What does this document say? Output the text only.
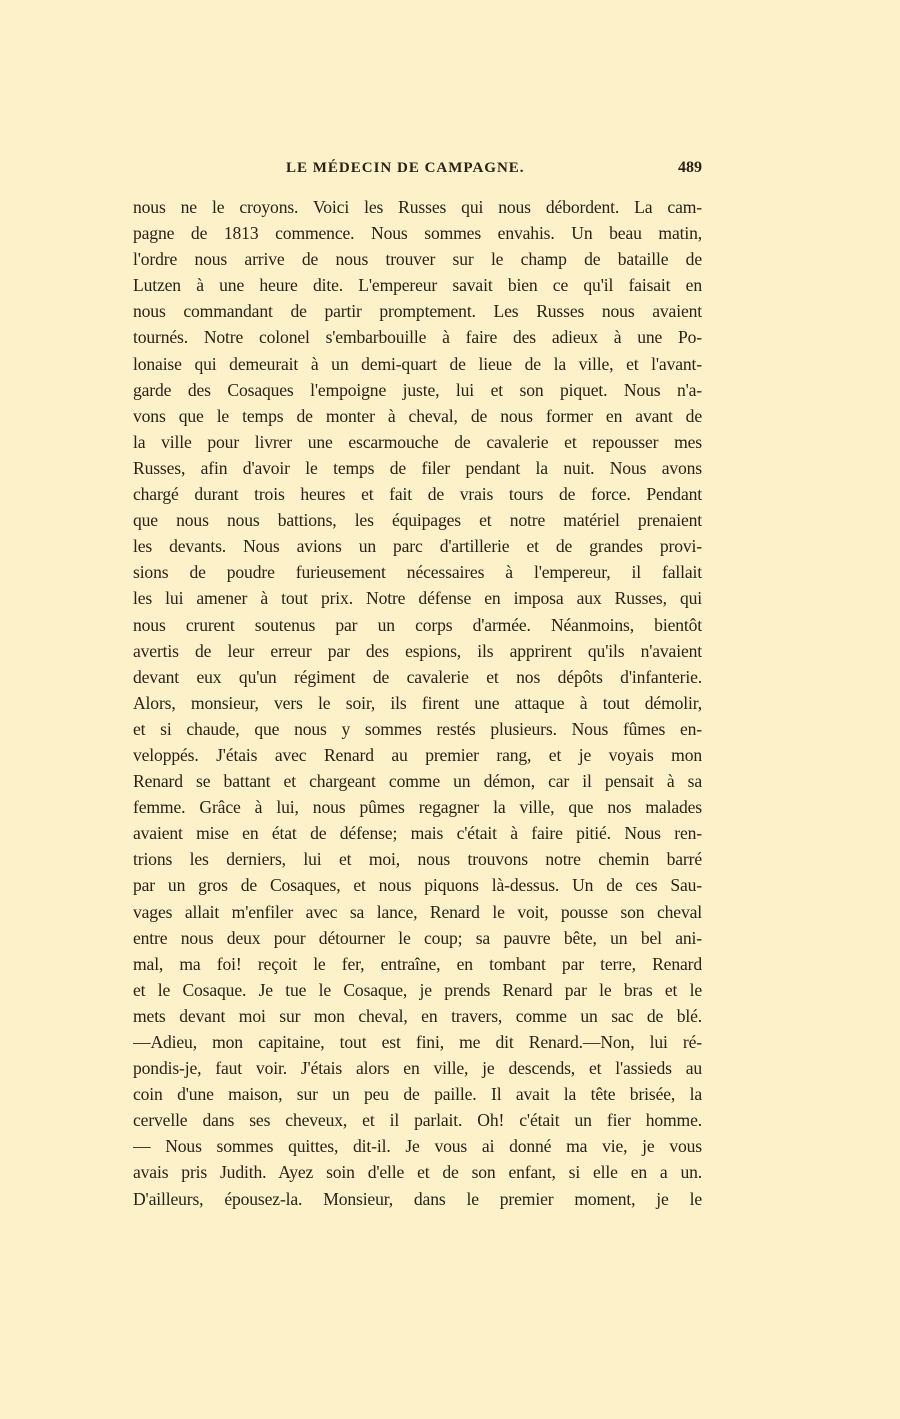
LE MÉDECIN DE CAMPAGNE.	489
nous ne le croyons. Voici les Russes qui nous débordent. La cam-
pagne de 1813 commence. Nous sommes envahis. Un beau matin,
l'ordre nous arrive de nous trouver sur le champ de bataille de
Lutzen à une heure dite. L'empereur savait bien ce qu'il faisait en
nous commandant de partir promptement. Les Russes nous avaient
tournés. Notre colonel s'embarbouille à faire des adieux à une Po-
lonaise qui demeurait à un demi-quart de lieue de la ville, et l'avant-
garde des Cosaques l'empoigne juste, lui et son piquet. Nous n'a-
vons que le temps de monter à cheval, de nous former en avant de
la ville pour livrer une escarmouche de cavalerie et repousser mes
Russes, afin d'avoir le temps de filer pendant la nuit. Nous avons
chargé durant trois heures et fait de vrais tours de force. Pendant
que nous nous battions, les équipages et notre matériel prenaient
les devants. Nous avions un parc d'artillerie et de grandes provi-
sions de poudre furieusement nécessaires à l'empereur, il fallait
les lui amener à tout prix. Notre défense en imposa aux Russes, qui
nous crurent soutenus par un corps d'armée. Néanmoins, bientôt
avertis de leur erreur par des espions, ils apprirent qu'ils n'avaient
devant eux qu'un régiment de cavalerie et nos dépôts d'infanterie.
Alors, monsieur, vers le soir, ils firent une attaque à tout démolir,
et si chaude, que nous y sommes restés plusieurs. Nous fûmes en-
veloppés. J'étais avec Renard au premier rang, et je voyais mon
Renard se battant et chargeant comme un démon, car il pensait à sa
femme. Grâce à lui, nous pûmes regagner la ville, que nos malades
avaient mise en état de défense; mais c'était à faire pitié. Nous ren-
trions les derniers, lui et moi, nous trouvons notre chemin barré
par un gros de Cosaques, et nous piquons là-dessus. Un de ces Sau-
vages allait m'enfiler avec sa lance, Renard le voit, pousse son cheval
entre nous deux pour détourner le coup; sa pauvre bête, un bel ani-
mal, ma foi! reçoit le fer, entraîne, en tombant par terre, Renard
et le Cosaque. Je tue le Cosaque, je prends Renard par le bras et le
mets devant moi sur mon cheval, en travers, comme un sac de blé.
—Adieu, mon capitaine, tout est fini, me dit Renard.—Non, lui ré-
pondis-je, faut voir. J'étais alors en ville, je descends, et l'assieds au
coin d'une maison, sur un peu de paille. Il avait la tête brisée, la
cervelle dans ses cheveux, et il parlait. Oh! c'était un fier homme.
— Nous sommes quittes, dit-il. Je vous ai donné ma vie, je vous
avais pris Judith. Ayez soin d'elle et de son enfant, si elle en a un.
D'ailleurs, épousez-la. Monsieur, dans le premier moment, je le
